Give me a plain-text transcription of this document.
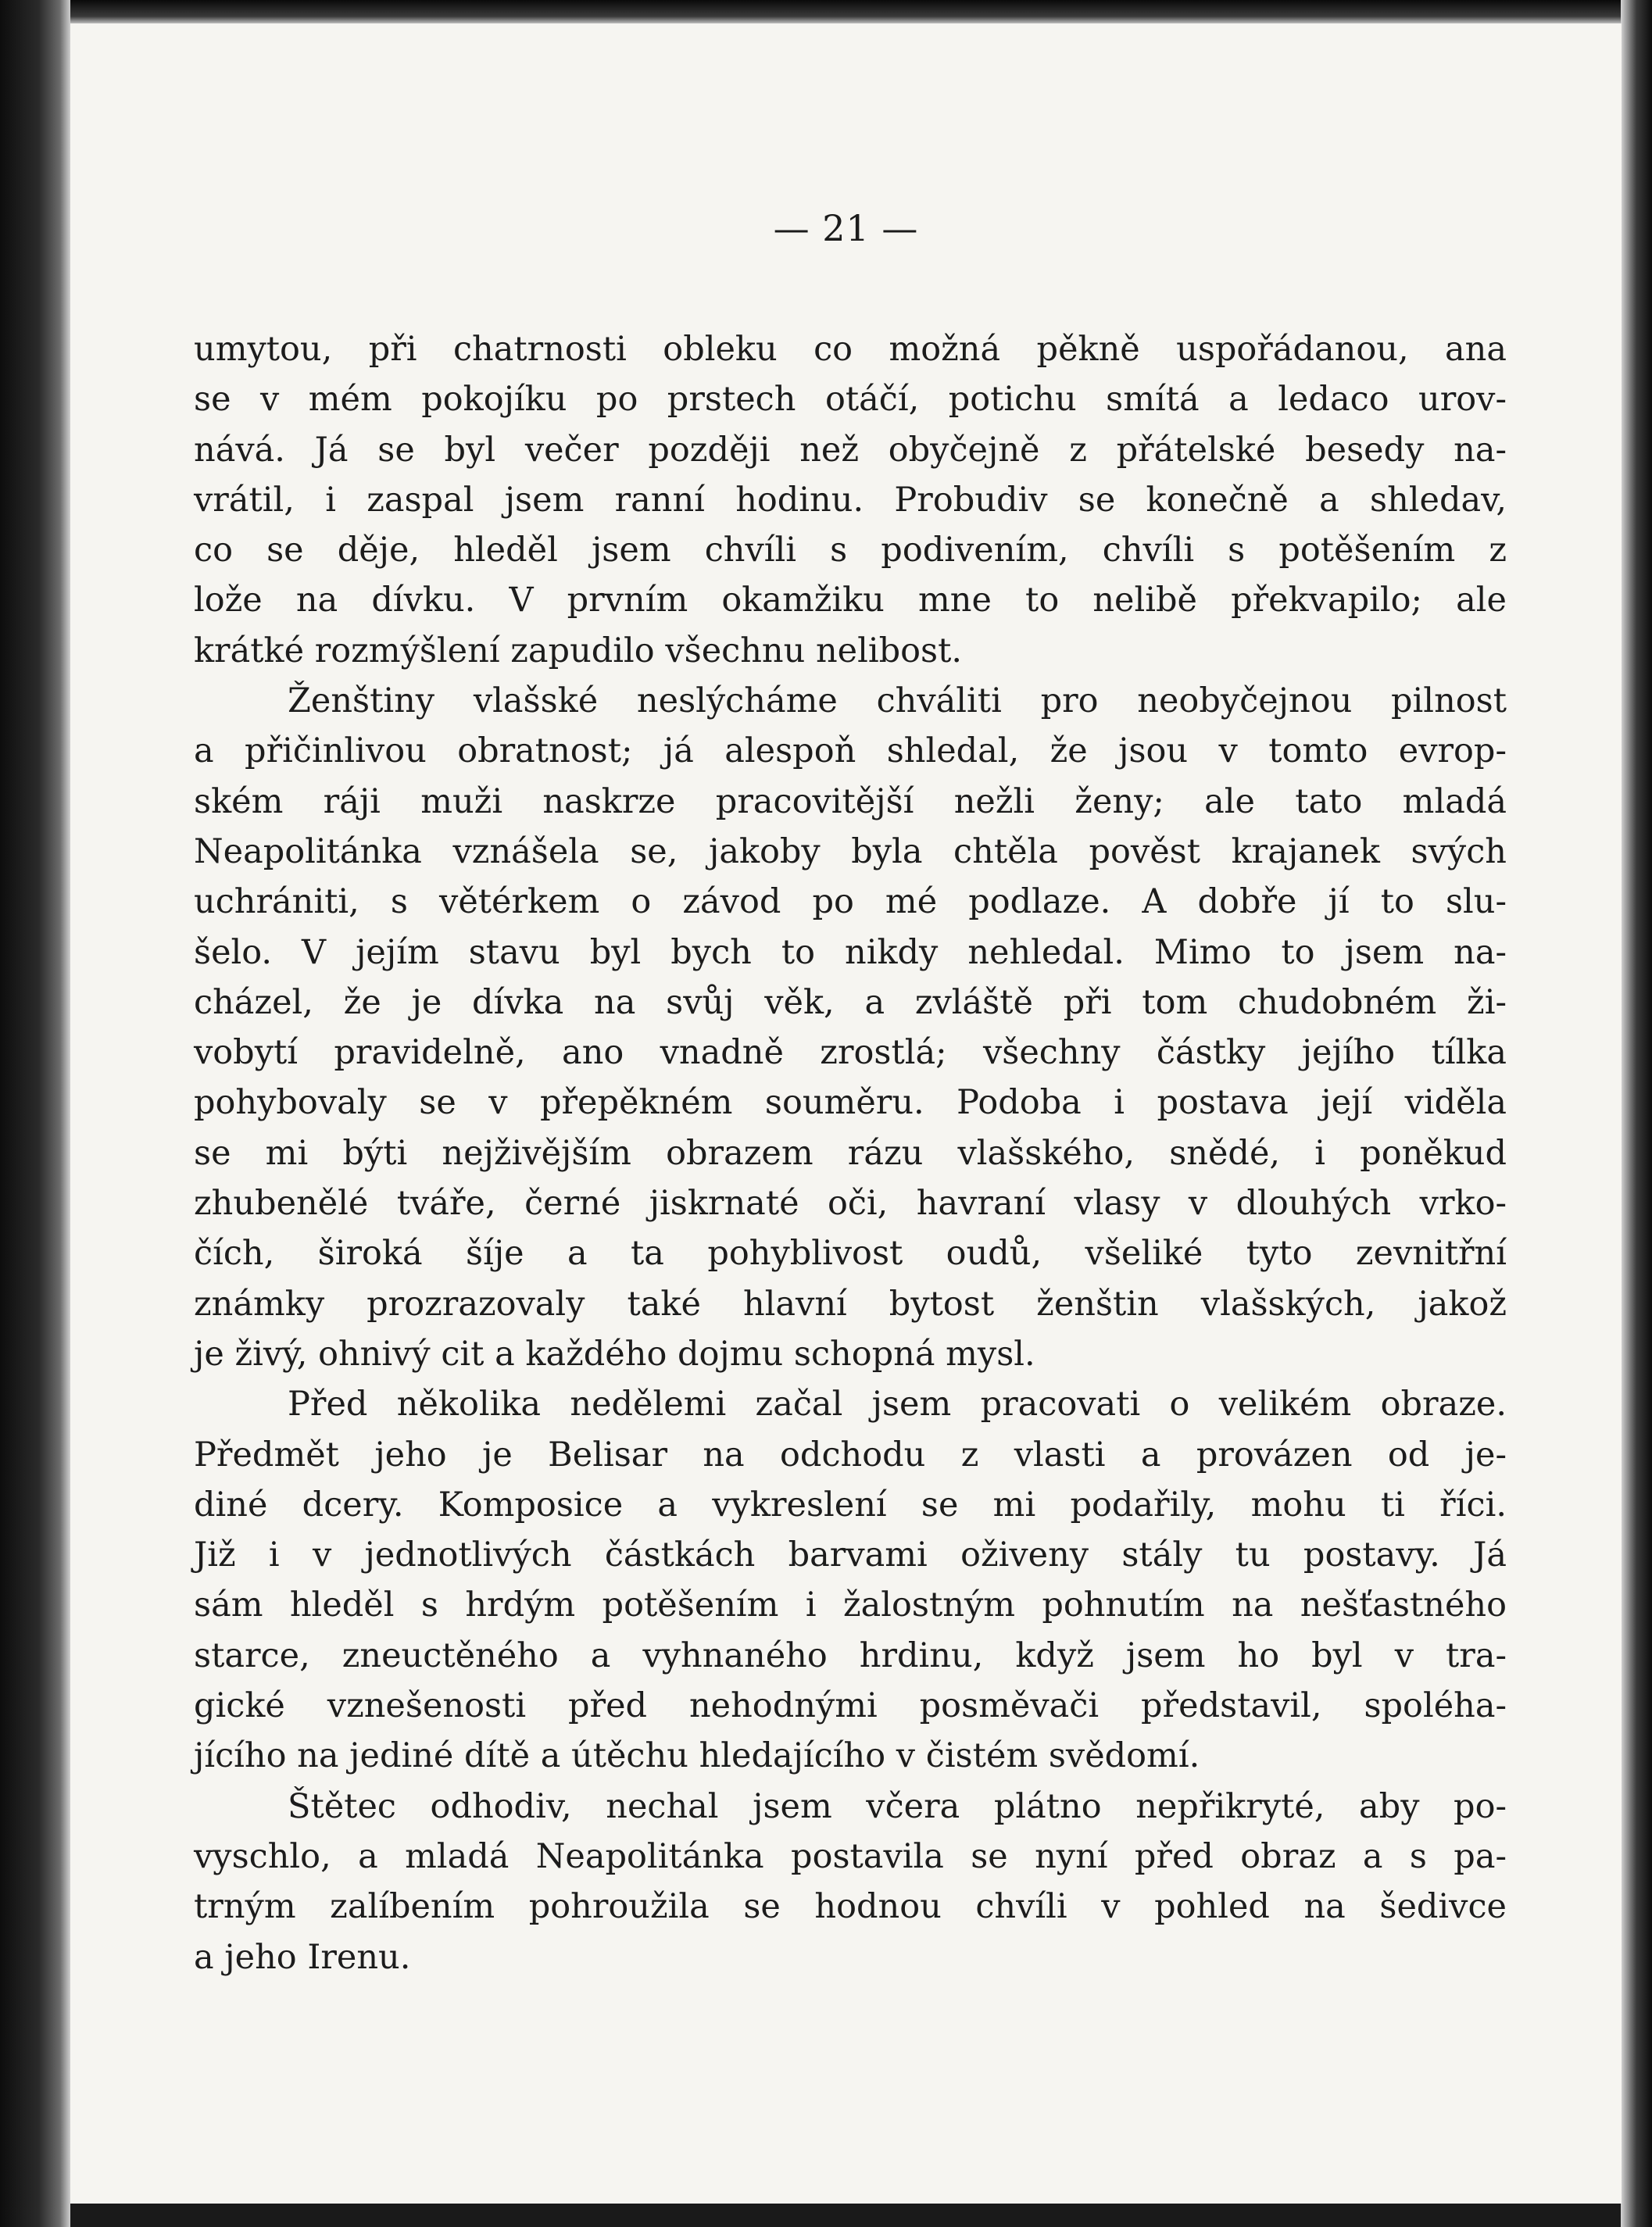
— 21 —
umytou, při chatrnosti obleku co možná pěkně uspořádanou, ana
se v mém pokojíku po prstech otáčí, potichu smítá a ledaco urov-
nává. Já se byl večer později než obyčejně z přátelské besedy na-
vrátil, i zaspal jsem ranní hodinu. Probudiv se konečně a shledav,
co se děje, hleděl jsem chvíli s podivením, chvíli s potěšením z
lože na dívku. V prvním okamžiku mne to nelibě překvapilo; ale
krátké rozmýšlení zapudilo všechnu nelibost.
Ženštiny vlašské neslýcháme chváliti pro neobyčejnou pilnost
a přičinlivou obratnost; já alespoň shledal, že jsou v tomto evrop-
ském ráji muži naskrze pracovitější nežli ženy; ale tato mladá
Neapolitánka vznášela se, jakoby byla chtěla pověst krajanek svých
uchrániti, s větérkem o závod po mé podlaze. A dobře jí to slu-
šelo. V jejím stavu byl bych to nikdy nehledal. Mimo to jsem na-
cházel, že je dívka na svůj věk, a zvláště při tom chudobném ži-
vobytí pravidelně, ano vnadně zrostlá; všechny částky jejího tílka
pohybovaly se v přepěkném souměru. Podoba i postava její viděla
se mi býti nejživějším obrazem rázu vlašského, snědé, i poněkud
zhubenělé tváře, černé jiskrnaté oči, havraní vlasy v dlouhých vrko-
čích, široká šíje a ta pohyblivost oudů, všeliké tyto zevnitřní
známky prozrazovaly také hlavní bytost ženštin vlašských, jakož
je živý, ohnivý cit a každého dojmu schopná mysl.
Před několika nedělemi začal jsem pracovati o velikém obraze.
Předmět jeho je Belisar na odchodu z vlasti a provázen od je-
diné dcery. Komposice a vykreslení se mi podařily, mohu ti říci.
Již i v jednotlivých částkách barvami oživeny stály tu postavy. Já
sám hleděl s hrdým potěšením i žalostným pohnutím na nešťastného
starce, zneuctěného a vyhnaného hrdinu, když jsem ho byl v tra-
gické vznešenosti před nehodnými posměvači představil, spoléha-
jícího na jediné dítě a útěchu hledajícího v čistém svědomí.
Štětec odhodiv, nechal jsem včera plátno nepřikryté, aby po-
vyschlo, a mladá Neapolitánka postavila se nyní před obraz a s pa-
trným zalíbením pohroužila se hodnou chvíli v pohled na šedivce
a jeho Irenu.
